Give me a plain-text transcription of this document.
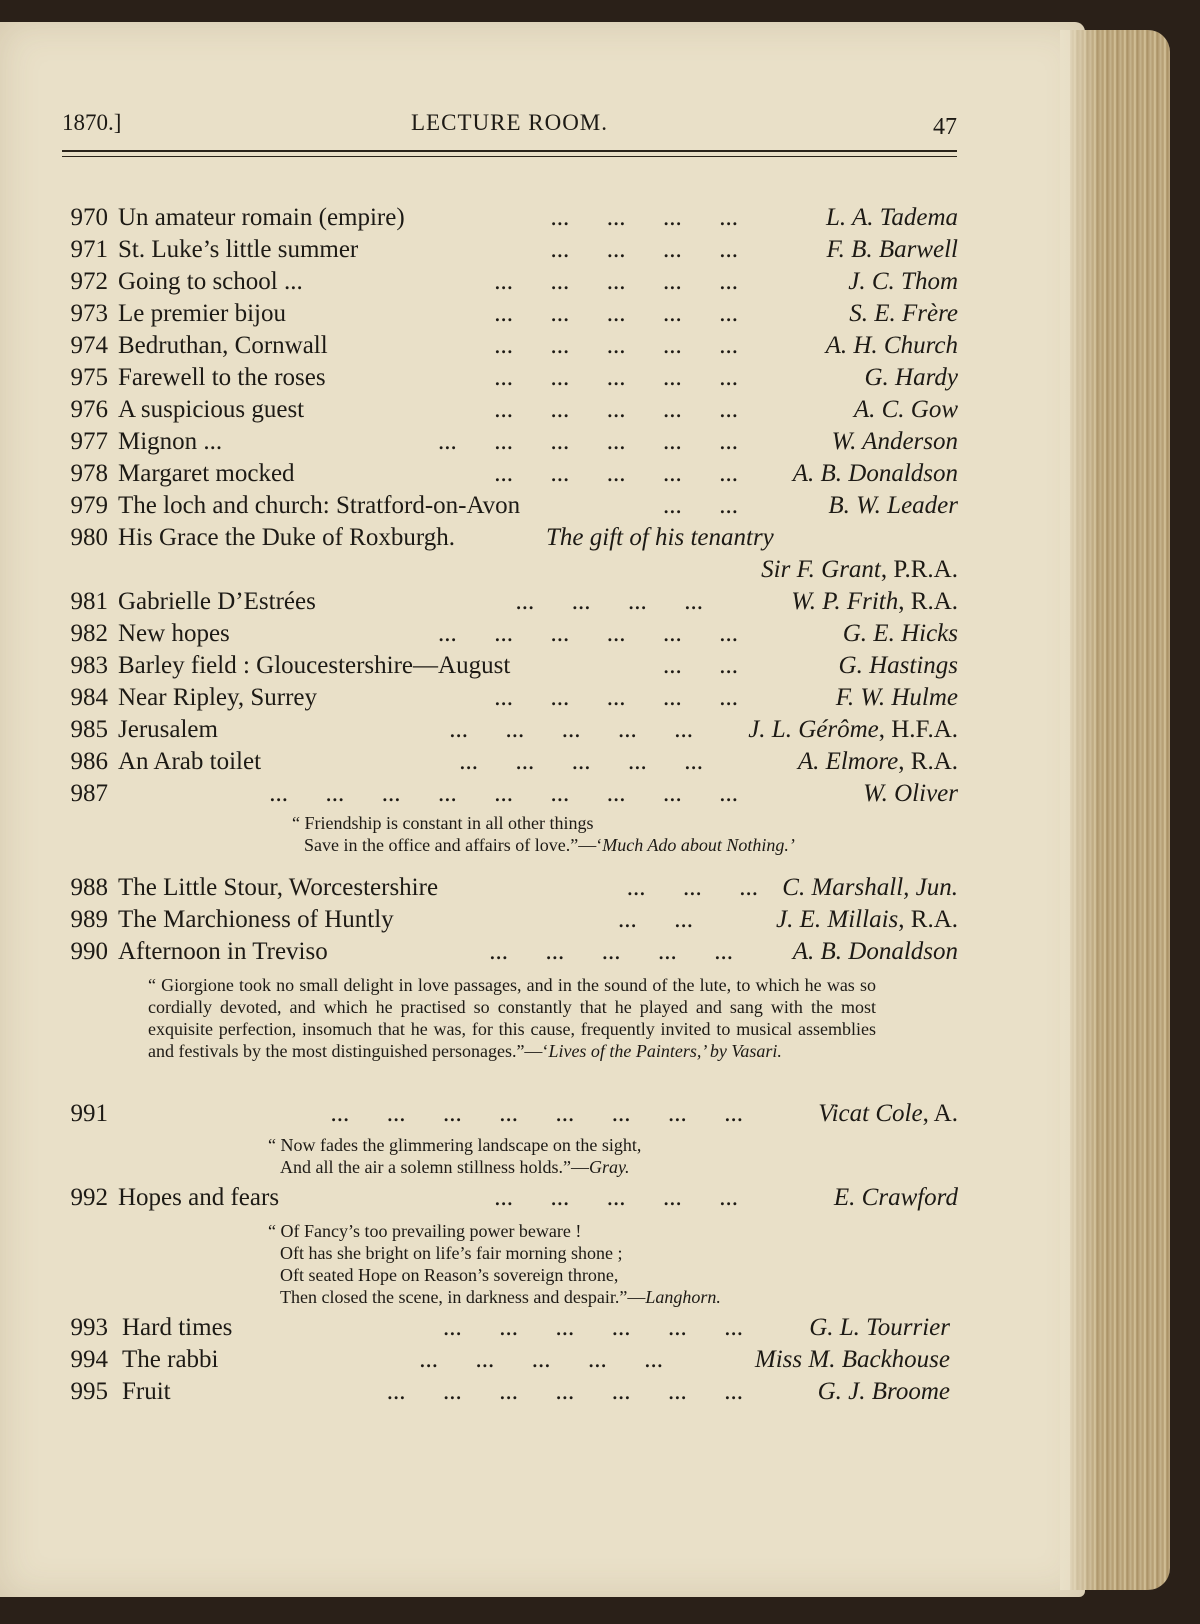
1870.]	LECTURE ROOM.	47
970 Un amateur romain (empire)	...      ...      ...      ...	L. A. Tadema
971 St. Luke’s little summer	...      ...      ...      ...	F. B. Barwell
972 Going to school ...	...      ...      ...      ...      ...	J. C. Thom
973 Le premier bijou	...      ...      ...      ...      ...	S. E. Frère
974 Bedruthan, Cornwall	...      ...      ...      ...      ...	A. H. Church
975 Farewell to the roses	...      ...      ...      ...      ...	G. Hardy
976 A suspicious guest	...      ...      ...      ...      ...	A. C. Gow
977 Mignon ...	...      ...      ...      ...      ...      ...	W. Anderson
978 Margaret mocked	...      ...      ...      ...      ... A. B. Donaldson
979 The loch and church: Stratford-on-Avon	...      ...	B. W. Leader
980 His Grace the Duke of Roxburgh.	The gift of his tenantry
Sir F. Grant, P.R.A.
981 Gabrielle D’Estrées	...      ...      ...      ...	W. P. Frith, R.A.
982 New hopes	...      ...      ...      ...      ...      ...	G. E. Hicks
983 Barley field : Gloucestershire—August	...      ...	G. Hastings
984 Near Ripley, Surrey	...      ...      ...      ...      ...	F. W. Hulme
985 Jerusalem	...      ...      ...      ...      ... J. L. Gérôme, H.F.A.
986 An Arab toilet	...      ...      ...      ...      ...	A. Elmore, R.A.
987	...      ...      ...      ...      ...      ...      ...      ...      ...	W. Oliver
“ Friendship is constant in all other things
Save in the office and affairs of love.”—‘Much Ado about Nothing.’
988 The Little Stour, Worcestershire	...      ...      ... C. Marshall, Jun.
989 The Marchioness of Huntly	...      ...	J. E. Millais, R.A.
990 Afternoon in Treviso	...      ...      ...      ...      ... A. B. Donaldson
“ Giorgione took no small delight in love passages, and in the sound of the lute, to which he was so cordially devoted, and which he practised so constantly that he played and sang with the most exquisite perfection, insomuch that he was, for this cause, frequently invited to musical assemblies and festivals by the most distinguished personages.”—‘Lives of the Painters,’ by Vasari.
991	...      ...      ...      ...      ...      ...      ...      ...	Vicat Cole, A.
“ Now fades the glimmering landscape on the sight,
And all the air a solemn stillness holds.”—Gray.
992 Hopes and fears	...      ...      ...      ...      ...	E. Crawford
“ Of Fancy’s too prevailing power beware !
Oft has she bright on life’s fair morning shone ;
Oft seated Hope on Reason’s sovereign throne,
Then closed the scene, in darkness and despair.”—Langhorn.
993 Hard times	...      ...      ...      ...      ...      ...	G. L. Tourrier
994 The rabbi	...      ...      ...      ...      ...	Miss M. Backhouse
995 Fruit	...      ...      ...      ...      ...      ...      ...	G. J. Broome
